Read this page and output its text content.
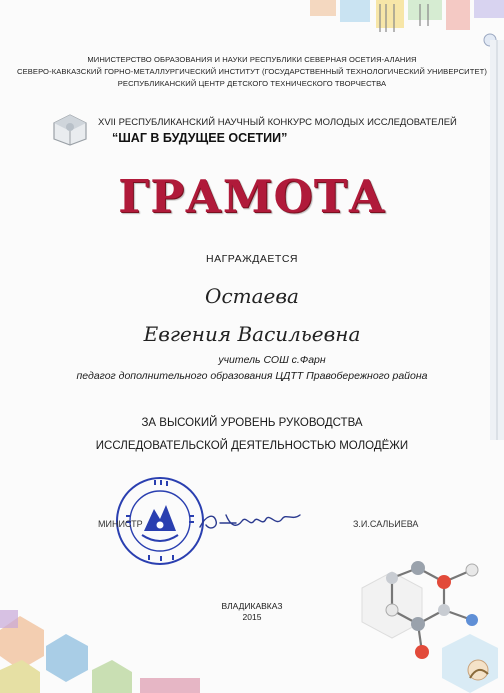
МИНИСТЕРСТВО ОБРАЗОВАНИЯ И НАУКИ РЕСПУБЛИКИ СЕВЕРНАЯ ОСЕТИЯ-АЛАНИЯ
СЕВЕРО-КАВКАЗСКИЙ ГОРНО-МЕТАЛЛУРГИЧЕСКИЙ ИНСТИТУТ (ГОСУДАРСТВЕННЫЙ ТЕХНОЛОГИЧЕСКИЙ УНИВЕРСИТЕТ)
РЕСПУБЛИКАНСКИЙ ЦЕНТР ДЕТСКОГО ТЕХНИЧЕСКОГО ТВОРЧЕСТВА
XVII РЕСПУБЛИКАНСКИЙ НАУЧНЫЙ КОНКУРС МОЛОДЫХ ИССЛЕДОВАТЕЛЕЙ
“ШАГ В БУДУЩЕЕ ОСЕТИИ”
ГРАМОТА
НАГРАЖДАЕТСЯ
Остаева
Евгения Васильевна
учитель СОШ с.Фарн
педагог дополнительного образования ЦДТТ Правобережного района
ЗА ВЫСОКИЙ УРОВЕНЬ РУКОВОДСТВА
ИССЛЕДОВАТЕЛЬСКОЙ ДЕЯТЕЛЬНОСТЬЮ МОЛОДЁЖИ
МИНИСТР	З.И.САЛЬИЕВА
ВЛАДИКАВКАЗ
2015
